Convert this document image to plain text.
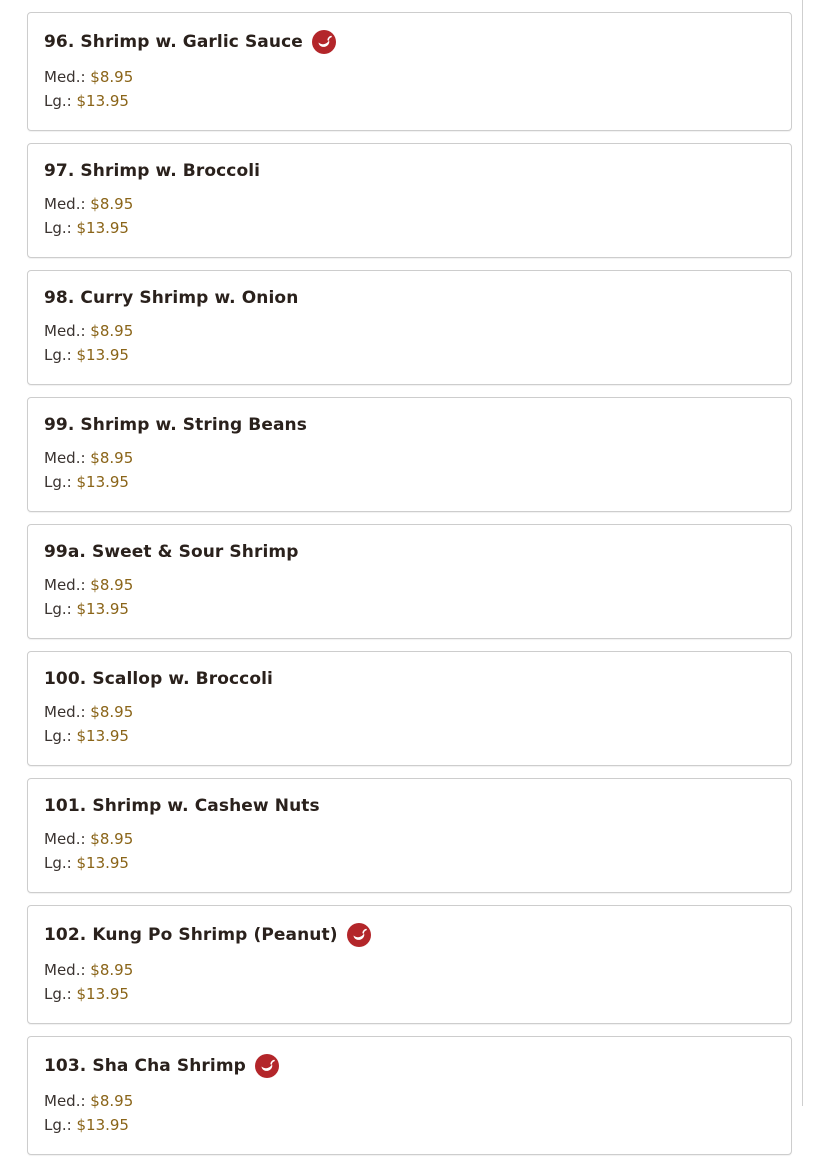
96. Shrimp w. Garlic Sauce
Med.: $8.95
Lg.: $13.95
97. Shrimp w. Broccoli
Med.: $8.95
Lg.: $13.95
98. Curry Shrimp w. Onion
Med.: $8.95
Lg.: $13.95
99. Shrimp w. String Beans
Med.: $8.95
Lg.: $13.95
99a. Sweet & Sour Shrimp
Med.: $8.95
Lg.: $13.95
100. Scallop w. Broccoli
Med.: $8.95
Lg.: $13.95
101. Shrimp w. Cashew Nuts
Med.: $8.95
Lg.: $13.95
102. Kung Po Shrimp (Peanut)
Med.: $8.95
Lg.: $13.95
103. Sha Cha Shrimp
Med.: $8.95
Lg.: $13.95
